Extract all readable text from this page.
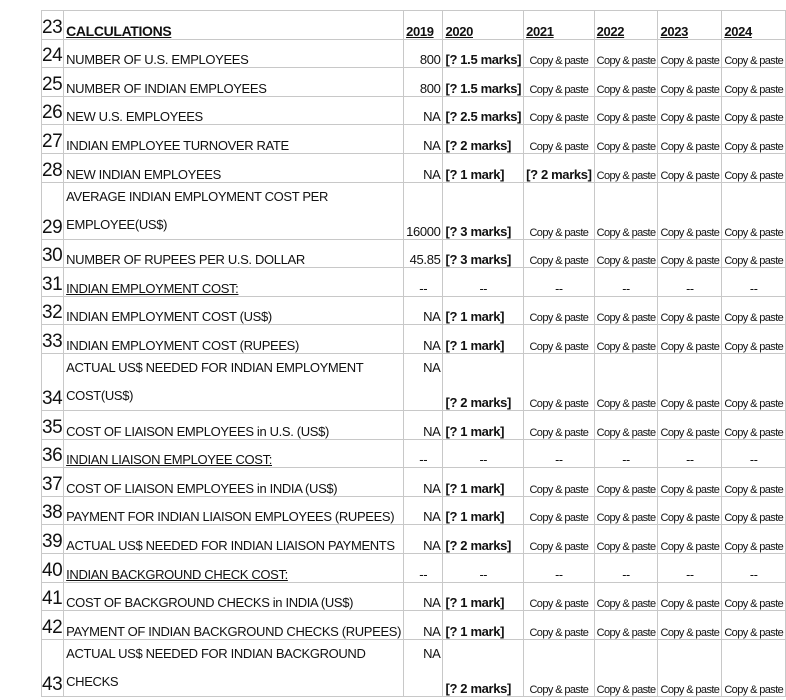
23	CALCULATIONS	2019	2020	2021	2022	2023	2024
24	NUMBER OF U.S. EMPLOYEES	800	[? 1.5 marks]	Copy & paste	Copy & paste	Copy & paste	Copy & paste
25	NUMBER OF INDIAN EMPLOYEES	800	[? 1.5 marks]	Copy & paste	Copy & paste	Copy & paste	Copy & paste
26	NEW U.S. EMPLOYEES	NA	[? 2.5 marks]	Copy & paste	Copy & paste	Copy & paste	Copy & paste
27	INDIAN EMPLOYEE TURNOVER RATE	NA	[? 2 marks]	Copy & paste	Copy & paste	Copy & paste	Copy & paste
28	NEW INDIAN EMPLOYEES	NA	[? 1 mark]	[? 2 marks]	Copy & paste	Copy & paste	Copy & paste
29	AVERAGE INDIAN EMPLOYMENT COST PER EMPLOYEE(US$)	16000	[? 3 marks]	Copy & paste	Copy & paste	Copy & paste	Copy & paste
30	NUMBER OF RUPEES PER U.S. DOLLAR	45.85	[? 3 marks]	Copy & paste	Copy & paste	Copy & paste	Copy & paste
31	INDIAN EMPLOYMENT COST:	--	--	--	--	--	--
32	INDIAN EMPLOYMENT COST (US$)	NA	[? 1 mark]	Copy & paste	Copy & paste	Copy & paste	Copy & paste
33	INDIAN EMPLOYMENT COST (RUPEES)	NA	[? 1 mark]	Copy & paste	Copy & paste	Copy & paste	Copy & paste
34	ACTUAL US$ NEEDED FOR INDIAN EMPLOYMENT COST(US$)	NA	[? 2 marks]	Copy & paste	Copy & paste	Copy & paste	Copy & paste
35	COST OF LIAISON EMPLOYEES in U.S. (US$)	NA	[? 1 mark]	Copy & paste	Copy & paste	Copy & paste	Copy & paste
36	INDIAN LIAISON EMPLOYEE COST:	--	--	--	--	--	--
37	COST OF LIAISON EMPLOYEES in INDIA (US$)	NA	[? 1 mark]	Copy & paste	Copy & paste	Copy & paste	Copy & paste
38	PAYMENT FOR INDIAN LIAISON EMPLOYEES (RUPEES)	NA	[? 1 mark]	Copy & paste	Copy & paste	Copy & paste	Copy & paste
39	ACTUAL US$ NEEDED FOR INDIAN LIAISON PAYMENTS	NA	[? 2 marks]	Copy & paste	Copy & paste	Copy & paste	Copy & paste
40	INDIAN BACKGROUND CHECK COST:	--	--	--	--	--	--
41	COST OF BACKGROUND CHECKS in INDIA (US$)	NA	[? 1 mark]	Copy & paste	Copy & paste	Copy & paste	Copy & paste
42	PAYMENT OF INDIAN BACKGROUND CHECKS (RUPEES)	NA	[? 1 mark]	Copy & paste	Copy & paste	Copy & paste	Copy & paste
43	ACTUAL US$ NEEDED FOR INDIAN BACKGROUND CHECKS	NA	[? 2 marks]	Copy & paste	Copy & paste	Copy & paste	Copy & paste
